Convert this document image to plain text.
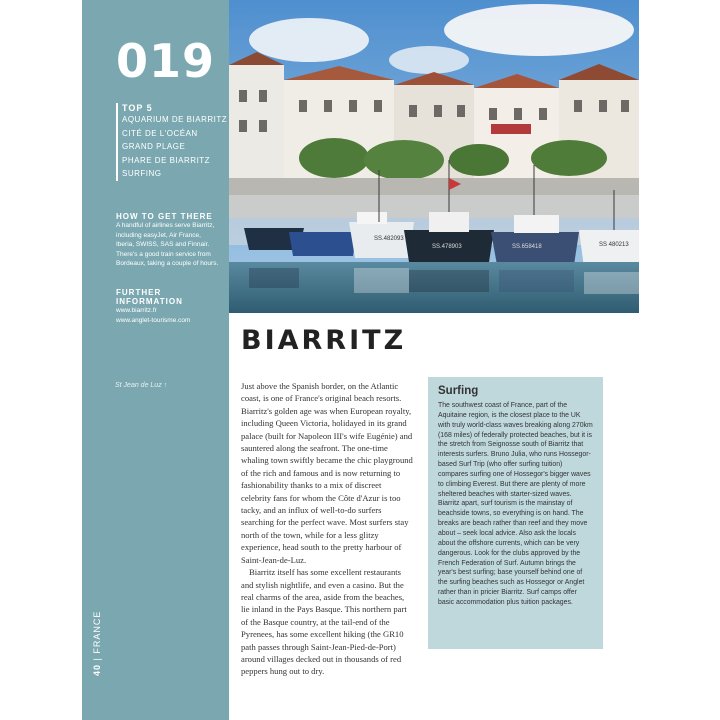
019
TOP 5
AQUARIUM DE BIARRITZ
CITÉ DE L'OCÉAN
GRAND PLAGE
PHARE DE BIARRITZ
SURFING
HOW TO GET THERE
A handful of airlines serve Biarritz, including easyJet, Air France, Iberia, SWISS, SAS and Finnair. There's a good train service from Bordeaux, taking a couple of hours.
FURTHER INFORMATION
www.biarritz.fr
www.anglet-tourisme.com
St Jean de Luz ↑
40 | FRANCE
SS.482093
SS.478903	SS.658418	SS 480213
BIARRITZ

Just above the Spanish border, on the Atlantic coast, is one of France's original beach resorts. Biarritz's golden age was when European royalty, including Queen Victoria, holidayed in its grand palace (built for Napoleon III's wife Eugénie) and sauntered along the seafront. The one-time whaling town swiftly became the chic playground of the rich and famous and is now returning to fashionability thanks to a mix of discreet celebrity fans for whom the Côte d'Azur is too tacky, and an influx of well-to-do surfers searching for the perfect wave. Most surfers stay north of the town, while for a less glitzy experience, head south to the pretty harbour of Saint-Jean-de-Luz.

Biarritz itself has some excellent restaurants and stylish nightlife, and even a casino. But the real charms of the area, aside from the beaches, lie inland in the Pays Basque. This northern part of the Basque country, at the tail-end of the Pyrenees, has some excellent hiking (the GR10 path passes through Saint-Jean-Pied-de-Port) around villages decked out in thousands of red peppers hung out to dry.

Surfing
The southwest coast of France, part of the Aquitaine region, is the closest place to the UK with truly world-class waves breaking along 270km (168 miles) of federally protected beaches, but it is the stretch from Seignosse south of Biarritz that interests surfers. Bruno Julia, who runs Hossegor-based Surf Trip (who offer surfing tuition) compares surfing one of Hossegor's bigger waves to climbing Everest. But there are plenty of more sheltered beaches with starter-sized waves. Biarritz apart, surf tourism is the mainstay of beachside towns, so everything is on hand. The breaks are beach rather than reef and they move about – seek local advice. Also ask the locals about the offshore currents, which can be very dangerous. Look for the clubs approved by the French Federation of Surf. Autumn brings the year's best surfing; base yourself behind one of the surfing beaches such as Hossegor or Anglet rather than in pricier Biarritz. Surf camps offer basic accommodation plus tuition packages.
